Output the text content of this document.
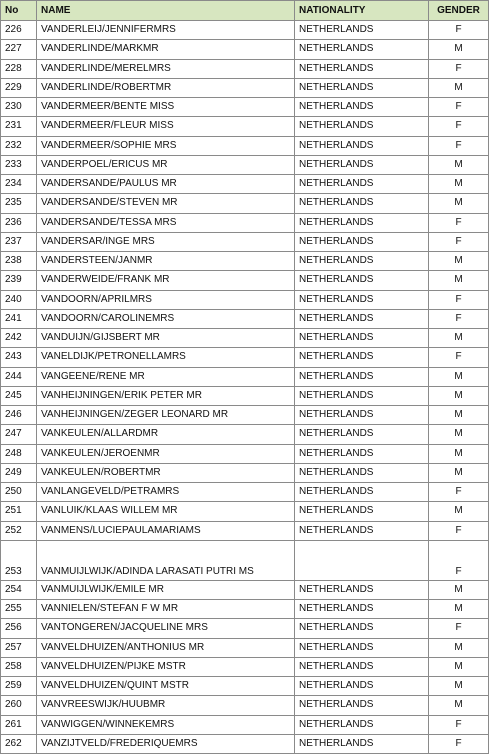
No	NAME	NATIONALITY	GENDER
226	VANDERLEIJ/JENNIFERMRS	NETHERLANDS	F
227	VANDERLINDE/MARKMR	NETHERLANDS	M
228	VANDERLINDE/MERELMRS	NETHERLANDS	F
229	VANDERLINDE/ROBERTMR	NETHERLANDS	M
230	VANDERMEER/BENTE MISS	NETHERLANDS	F
231	VANDERMEER/FLEUR MISS	NETHERLANDS	F
232	VANDERMEER/SOPHIE MRS	NETHERLANDS	F
233	VANDERPOEL/ERICUS MR	NETHERLANDS	M
234	VANDERSANDE/PAULUS MR	NETHERLANDS	M
235	VANDERSANDE/STEVEN MR	NETHERLANDS	M
236	VANDERSANDE/TESSA MRS	NETHERLANDS	F
237	VANDERSAR/INGE MRS	NETHERLANDS	F
238	VANDERSTEEN/JANMR	NETHERLANDS	M
239	VANDERWEIDE/FRANK MR	NETHERLANDS	M
240	VANDOORN/APRILMRS	NETHERLANDS	F
241	VANDOORN/CAROLINEMRS	NETHERLANDS	F
242	VANDUIJN/GIJSBERT MR	NETHERLANDS	M
243	VANELDIJK/PETRONELLAMRS	NETHERLANDS	F
244	VANGEENE/RENE MR	NETHERLANDS	M
245	VANHEIJNINGEN/ERIK PETER MR	NETHERLANDS	M
246	VANHEIJNINGEN/ZEGER LEONARD MR	NETHERLANDS	M
247	VANKEULEN/ALLARDMR	NETHERLANDS	M
248	VANKEULEN/JEROENMR	NETHERLANDS	M
249	VANKEULEN/ROBERTMR	NETHERLANDS	M
250	VANLANGEVELD/PETRAMRS	NETHERLANDS	F
251	VANLUIK/KLAAS WILLEM MR	NETHERLANDS	M
252	VANMENS/LUCIEPAULAMARIAMS	NETHERLANDS	F
253	VANMUIJLWIJK/ADINDA LARASATI PUTRI MS		F
254	VANMUIJLWIJK/EMILE MR	NETHERLANDS	M
255	VANNIELEN/STEFAN F W MR	NETHERLANDS	M
256	VANTONGEREN/JACQUELINE MRS	NETHERLANDS	F
257	VANVELDHUIZEN/ANTHONIUS MR	NETHERLANDS	M
258	VANVELDHUIZEN/PIJKE MSTR	NETHERLANDS	M
259	VANVELDHUIZEN/QUINT MSTR	NETHERLANDS	M
260	VANVREESWIJK/HUUBMR	NETHERLANDS	M
261	VANWIGGEN/WINNEKEMRS	NETHERLANDS	F
262	VANZIJTVELD/FREDERIQUEMRS	NETHERLANDS	F
